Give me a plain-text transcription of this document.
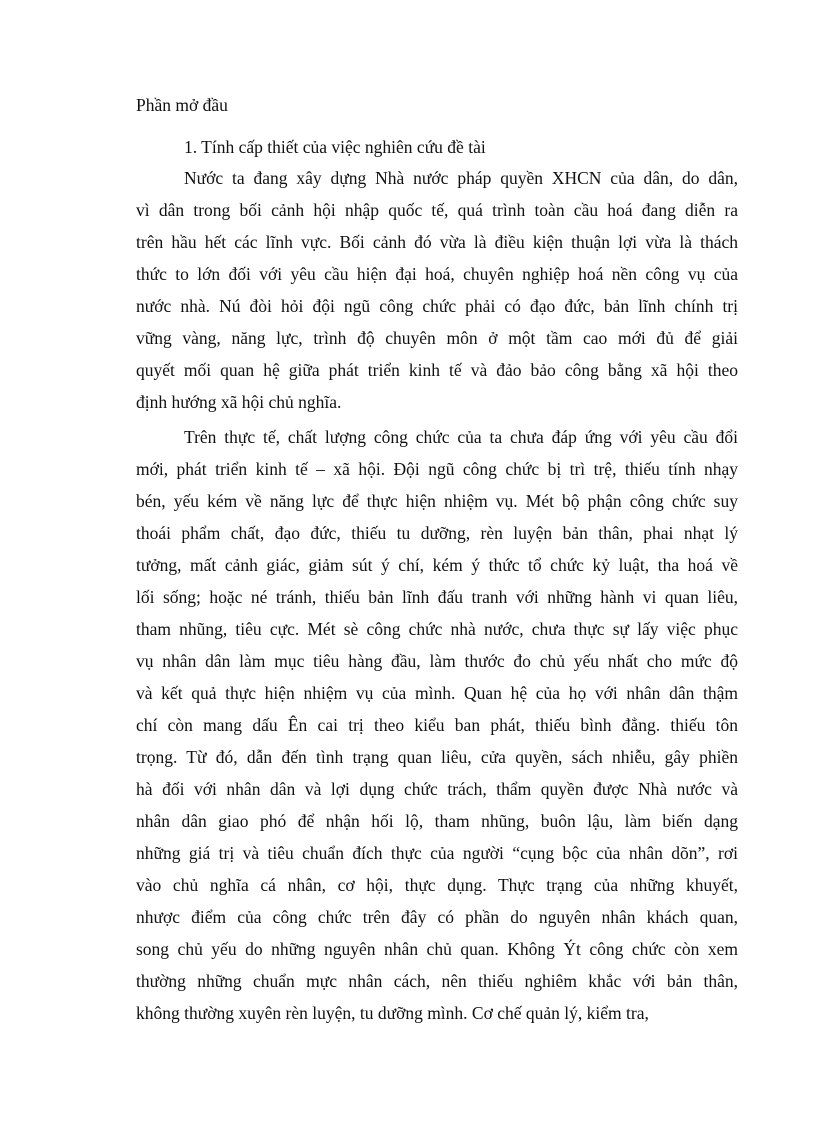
Phần mở đầu
1. Tính cấp thiết của việc nghiên cứu đề tài
Nước ta đang xây dựng Nhà nước pháp quyền XHCN của dân, do dân,
vì dân trong bối cảnh hội nhập quốc tế, quá trình toàn cầu hoá đang diễn ra
trên hầu hết các lĩnh vực. Bối cảnh đó vừa là điều kiện thuận lợi vừa là thách
thức to lớn đối với yêu cầu hiện đại hoá, chuyên nghiệp hoá nền công vụ của
nước nhà. Nú đòi hỏi đội ngũ công chức phải có đạo đức, bản lĩnh chính trị
vững vàng, năng lực, trình độ chuyên môn ở một tầm cao mới đủ để giải
quyết mối quan hệ giữa phát triển kinh tế và đảo bảo công bằng xã hội theo
định hướng xã hội chủ nghĩa.
Trên thực tế, chất lượng công chức của ta chưa đáp ứng với yêu cầu đổi
mới, phát triển kinh tế – xã hội. Đội ngũ công chức bị trì trệ, thiếu tính nhạy
bén, yếu kém về năng lực để thực hiện nhiệm vụ. Mét bộ phận công chức suy
thoái phẩm chất, đạo đức, thiếu tu dưỡng, rèn luyện bản thân, phai nhạt lý
tưởng, mất cảnh giác, giảm sút ý chí, kém ý thức tổ chức kỷ luật, tha hoá về
lối sống; hoặc né tránh, thiếu bản lĩnh đấu tranh với những hành vi quan liêu,
tham nhũng, tiêu cực. Mét sè công chức nhà nước, chưa thực sự lấy việc phục
vụ nhân dân làm mục tiêu hàng đầu, làm thước đo chủ yếu nhất cho mức độ
và kết quả thực hiện nhiệm vụ của mình. Quan hệ của họ với nhân dân thậm
chí còn mang dấu Ên cai trị theo kiểu ban phát, thiếu bình đẳng. thiếu tôn
trọng. Từ đó, dẫn đến tình trạng quan liêu, cửa quyền, sách nhiễu, gây phiền
hà đối với nhân dân và lợi dụng chức trách, thẩm quyền được Nhà nước và
nhân dân giao phó để nhận hối lộ, tham nhũng, buôn lậu, làm biến dạng
những giá trị và tiêu chuẩn đích thực của người “cụng bộc của nhân dõn”, rơi
vào chủ nghĩa cá nhân, cơ hội, thực dụng. Thực trạng của những khuyết,
nhược điểm của công chức trên đây có phần do nguyên nhân khách quan,
song chủ yếu do những nguyên nhân chủ quan. Không Ýt công chức còn xem
thường những chuẩn mực nhân cách, nên thiếu nghiêm khắc với bản thân,
không thường xuyên rèn luyện, tu dưỡng mình. Cơ chế quản lý, kiểm tra,
